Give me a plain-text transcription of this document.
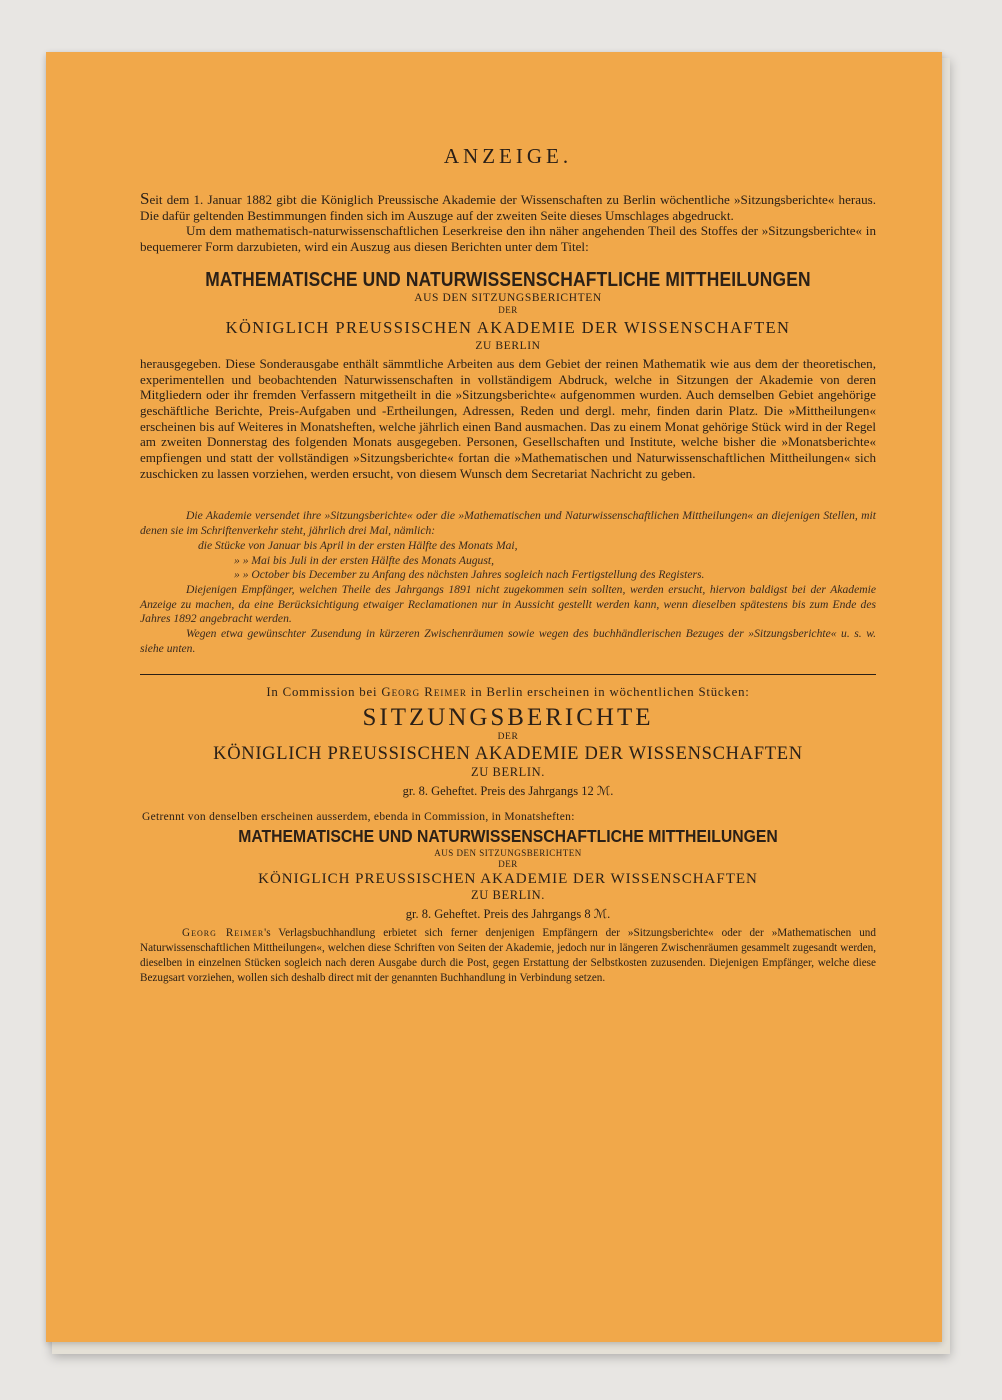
ANZEIGE.

Seit dem 1. Januar 1882 gibt die Königlich Preussische Akademie der Wissenschaften zu Berlin wöchentliche »Sitzungsberichte« heraus. Die dafür geltenden Bestimmungen finden sich im Auszuge auf der zweiten Seite dieses Umschlages abgedruckt.

Um dem mathematisch-naturwissenschaftlichen Leserkreise den ihn näher angehenden Theil des Stoffes der »Sitzungsberichte« in bequemerer Form darzubieten, wird ein Auszug aus diesen Berichten unter dem Titel:

MATHEMATISCHE UND NATURWISSENSCHAFTLICHE MITTHEILUNGEN
AUS DEN SITZUNGSBERICHTEN
DER
KÖNIGLICH PREUSSISCHEN AKADEMIE DER WISSENSCHAFTEN
ZU BERLIN

herausgegeben. Diese Sonderausgabe enthält sämmtliche Arbeiten aus dem Gebiet der reinen Mathematik wie aus dem der theoretischen, experimentellen und beobachtenden Naturwissenschaften in vollständigem Abdruck, welche in Sitzungen der Akademie von deren Mitgliedern oder ihr fremden Verfassern mitgetheilt in die »Sitzungsberichte« aufgenommen wurden. Auch demselben Gebiet angehörige geschäftliche Berichte, Preis-Aufgaben und -Ertheilungen, Adressen, Reden und dergl. mehr, finden darin Platz. Die »Mittheilungen« erscheinen bis auf Weiteres in Monatsheften, welche jährlich einen Band ausmachen. Das zu einem Monat gehörige Stück wird in der Regel am zweiten Donnerstag des folgenden Monats ausgegeben. Personen, Gesellschaften und Institute, welche bisher die »Monatsberichte« empfiengen und statt der vollständigen »Sitzungsberichte« fortan die »Mathematischen und Naturwissenschaftlichen Mittheilungen« sich zuschicken zu lassen vorziehen, werden ersucht, von diesem Wunsch dem Secretariat Nachricht zu geben.

Die Akademie versendet ihre »Sitzungsberichte« oder die »Mathematischen und Naturwissenschaftlichen Mittheilungen« an diejenigen Stellen, mit denen sie im Schriftenverkehr steht, jährlich drei Mal, nämlich:
die Stücke von Januar bis April in der ersten Hälfte des Monats Mai,
» » Mai bis Juli in der ersten Hälfte des Monats August,
» » October bis December zu Anfang des nächsten Jahres sogleich nach Fertigstellung des Registers.
Diejenigen Empfänger, welchen Theile des Jahrgangs 1891 nicht zugekommen sein sollten, werden ersucht, hiervon baldigst bei der Akademie Anzeige zu machen, da eine Berücksichtigung etwaiger Reclamationen nur in Aussicht gestellt werden kann, wenn dieselben spätestens bis zum Ende des Jahres 1892 angebracht werden.
Wegen etwa gewünschter Zusendung in kürzeren Zwischenräumen sowie wegen des buchhändlerischen Bezuges der »Sitzungsberichte« u. s. w. siehe unten.
In Commission bei Georg Reimer in Berlin erscheinen in wöchentlichen Stücken:
SITZUNGSBERICHTE
DER
KÖNIGLICH PREUSSISCHEN AKADEMIE DER WISSENSCHAFTEN
ZU BERLIN.
gr. 8. Geheftet. Preis des Jahrgangs 12 ℳ.
Getrennt von denselben erscheinen ausserdem, ebenda in Commission, in Monatsheften:
MATHEMATISCHE UND NATURWISSENSCHAFTLICHE MITTHEILUNGEN
AUS DEN SITZUNGSBERICHTEN
DER
KÖNIGLICH PREUSSISCHEN AKADEMIE DER WISSENSCHAFTEN
ZU BERLIN.
gr. 8. Geheftet. Preis des Jahrgangs 8 ℳ.

Georg Reimer's Verlagsbuchhandlung erbietet sich ferner denjenigen Empfängern der »Sitzungsberichte« oder der »Mathematischen und Naturwissenschaftlichen Mittheilungen«, welchen diese Schriften von Seiten der Akademie, jedoch nur in längeren Zwischenräumen gesammelt zugesandt werden, dieselben in einzelnen Stücken sogleich nach deren Ausgabe durch die Post, gegen Erstattung der Selbstkosten zuzusenden. Diejenigen Empfänger, welche diese Bezugsart vorziehen, wollen sich deshalb direct mit der genannten Buchhandlung in Verbindung setzen.
